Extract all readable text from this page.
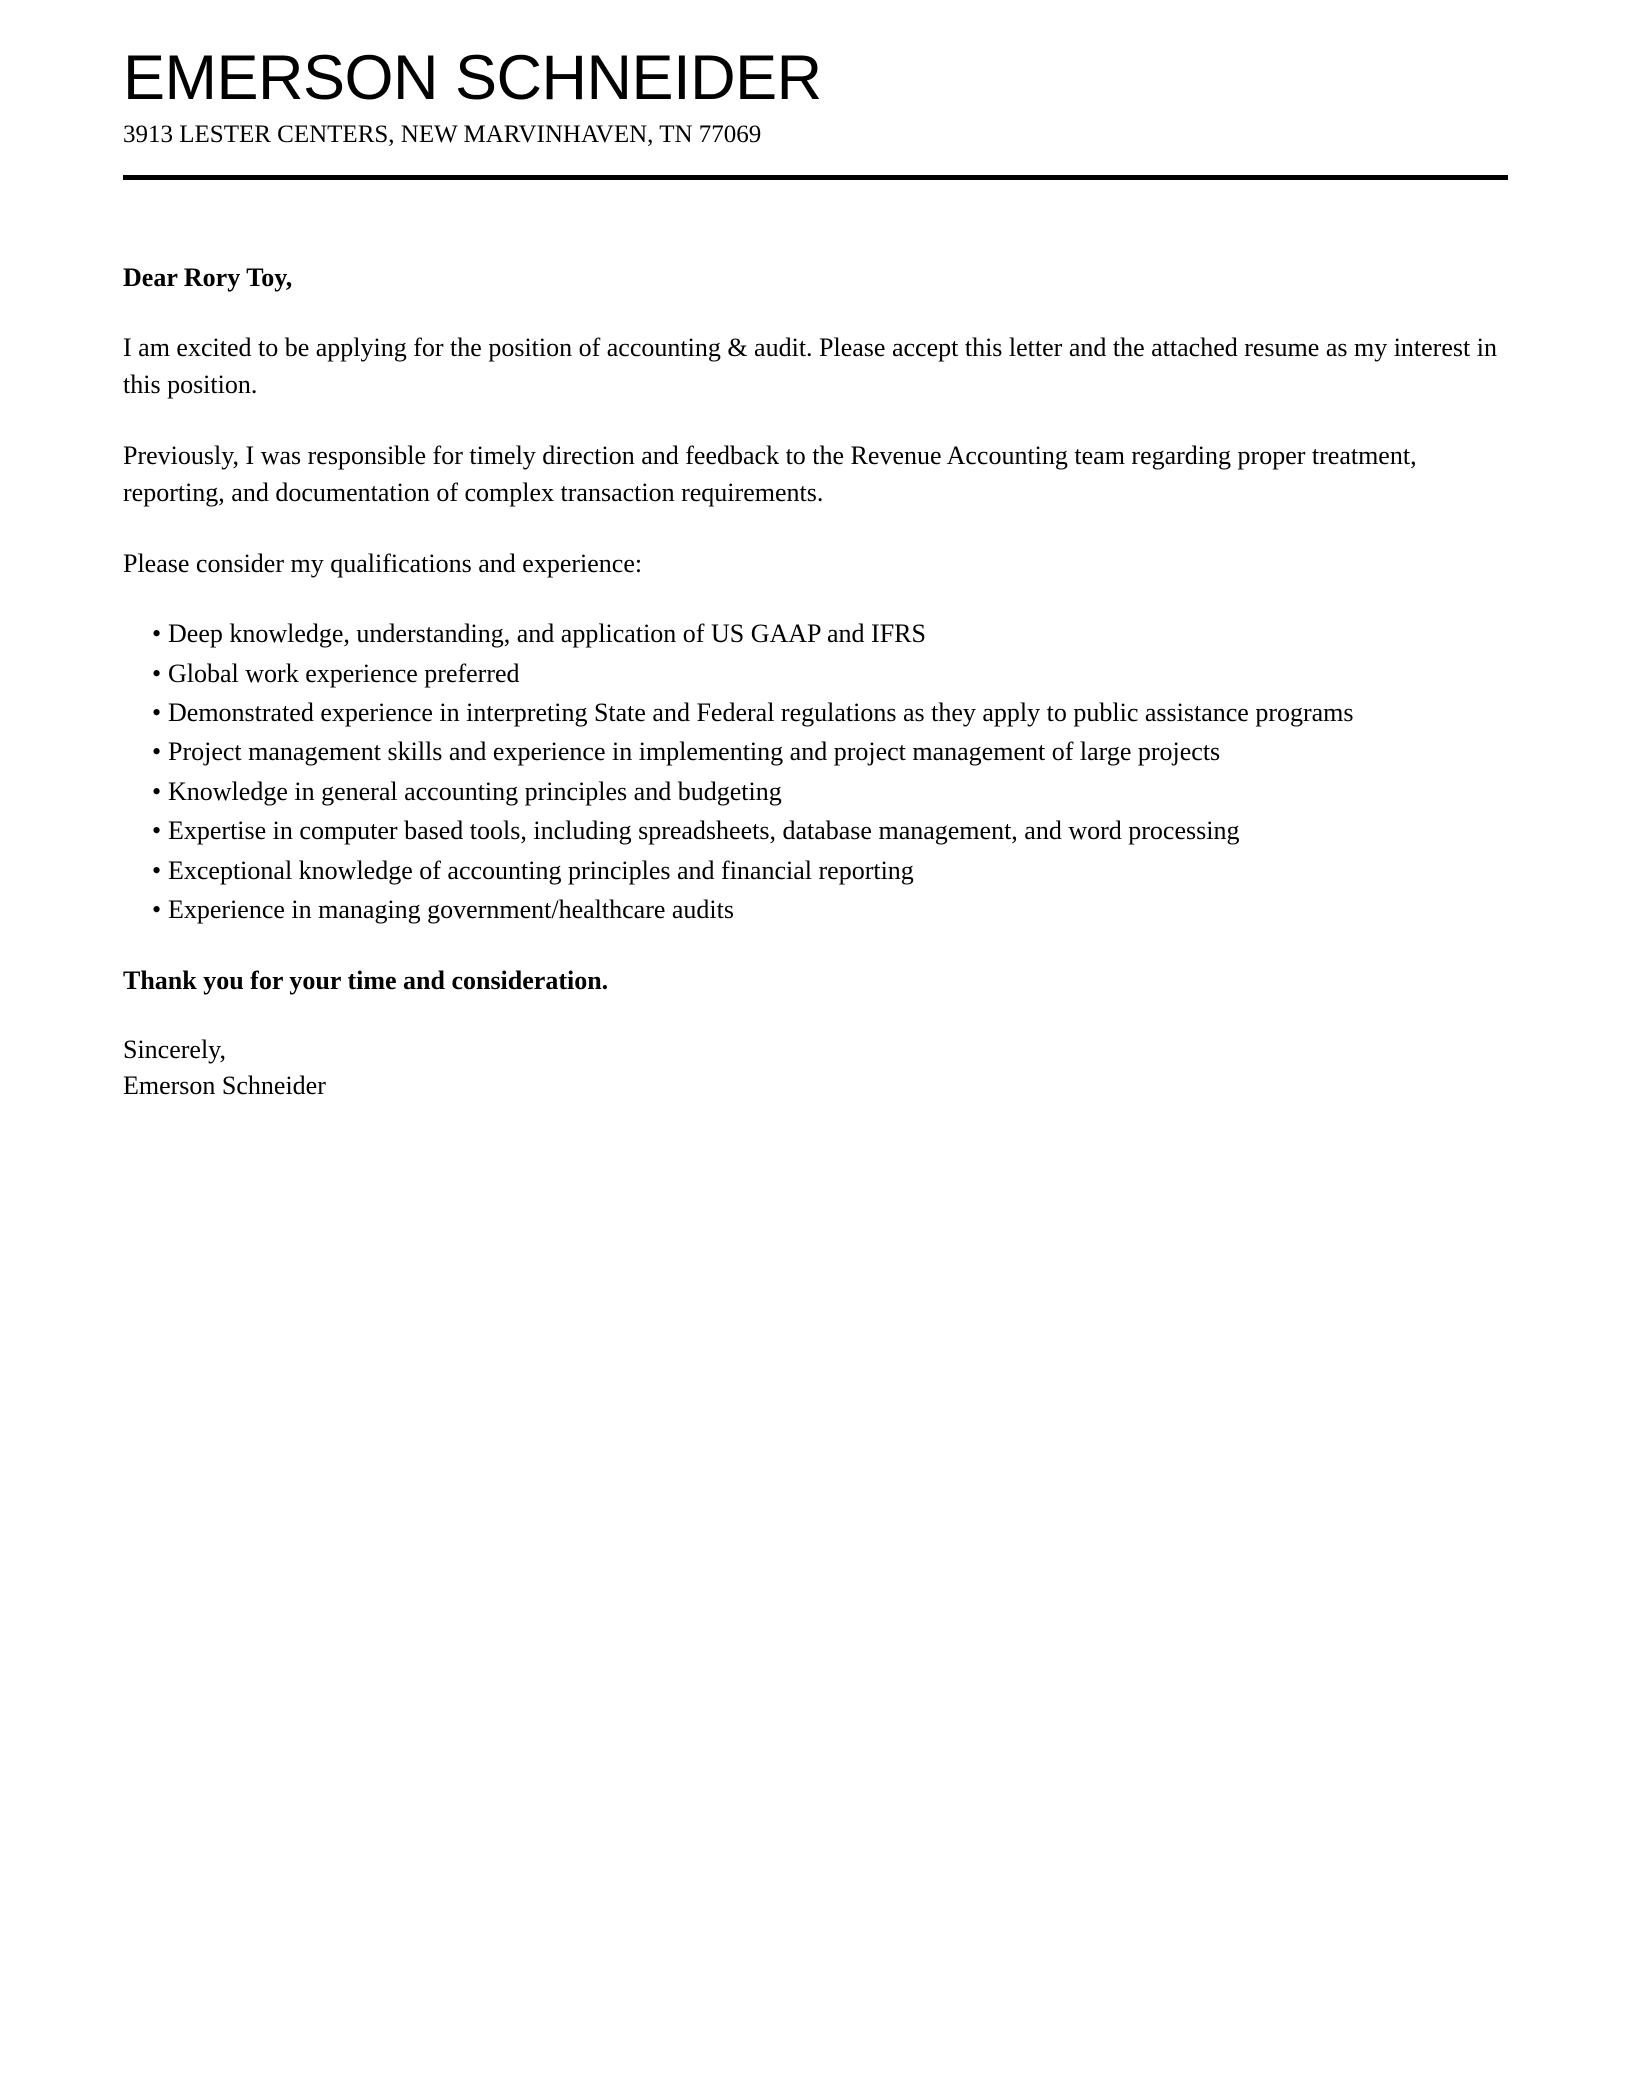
EMERSON SCHNEIDER
3913 LESTER CENTERS, NEW MARVINHAVEN, TN 77069

Dear Rory Toy,

I am excited to be applying for the position of accounting & audit. Please accept this letter and the attached resume as my interest in this position.

Previously, I was responsible for timely direction and feedback to the Revenue Accounting team regarding proper treatment, reporting, and documentation of complex transaction requirements.

Please consider my qualifications and experience:

• Deep knowledge, understanding, and application of US GAAP and IFRS
• Global work experience preferred
• Demonstrated experience in interpreting State and Federal regulations as they apply to public assistance programs
• Project management skills and experience in implementing and project management of large projects
• Knowledge in general accounting principles and budgeting
• Expertise in computer based tools, including spreadsheets, database management, and word processing
• Exceptional knowledge of accounting principles and financial reporting
• Experience in managing government/healthcare audits

Thank you for your time and consideration.

Sincerely,
Emerson Schneider
